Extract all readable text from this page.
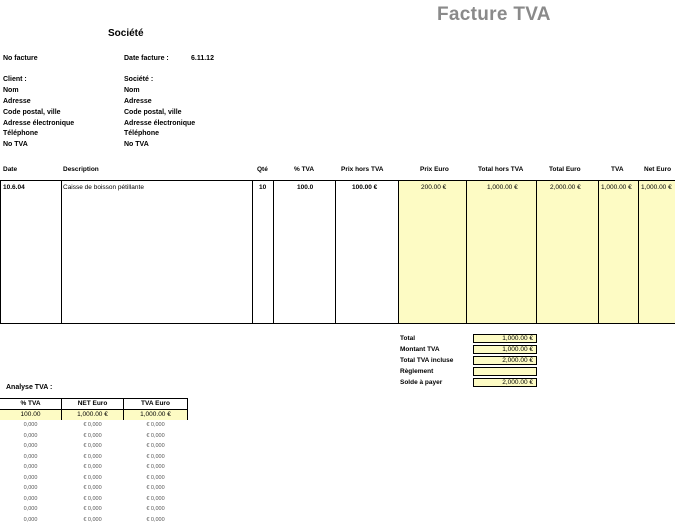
Facture TVA
Société
No facture	Date facture :	6.11.12
Client :
Nom
Adresse
Code postal, ville
Adresse électronique
Téléphone
No TVA
Société :
Nom
Adresse
Code postal, ville
Adresse électronique
Téléphone
No TVA
Date	Description	Qté	% TVA	Prix hors TVA	Prix Euro	Total hors TVA	Total Euro	TVA	Net Euro
10.6.04	Caisse de boisson pétillante	10	100.0	100.00 €	200.00 €	1,000.00 €	2,000.00 €	1,000.00 € 1,000.00 €
Total	1,000.00 €
Montant TVA	1,000.00 €
Total TVA incluse	2,000.00 €
Règlement
Solde à payer	2,000.00 €
Analyse TVA :
% TVA	NET Euro	TVA Euro
100.00	1,000.00 €	1,000.00 €
0,000	€ 0,000	€ 0,000
0,000	€ 0,000	€ 0,000
0,000	€ 0,000	€ 0,000
0,000	€ 0,000	€ 0,000
0,000	€ 0,000	€ 0,000
0,000	€ 0,000	€ 0,000
0,000	€ 0,000	€ 0,000
0,000	€ 0,000	€ 0,000
0,000	€ 0,000	€ 0,000
0,000	€ 0,000	€ 0,000
